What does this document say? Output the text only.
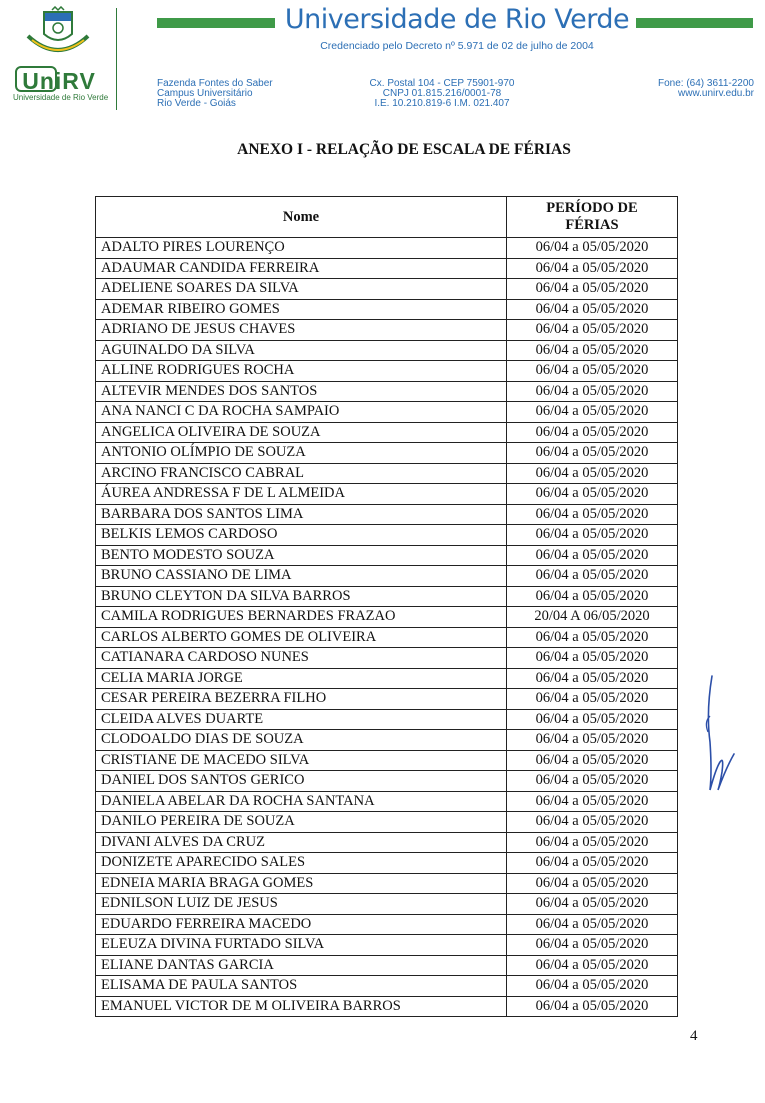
UniRV
Universidade de Rio Verde
Universidade de Rio Verde
Credenciado pelo Decreto nº 5.971 de 02 de julho de 2004
Fazenda Fontes do Saber
Campus Universitário
Rio Verde - Goiás
Cx. Postal 104 - CEP 75901-970
CNPJ 01.815.216/0001-78
I.E. 10.210.819-6 I.M. 021.407
Fone: (64) 3611-2200
www.unirv.edu.br
ANEXO I - RELAÇÃO DE ESCALA DE FÉRIAS
Nome	PERÍODO DE FÉRIAS
ADALTO PIRES LOURENÇO	06/04 a 05/05/2020
ADAUMAR CANDIDA FERREIRA	06/04 a 05/05/2020
ADELIENE SOARES DA SILVA	06/04 a 05/05/2020
ADEMAR RIBEIRO GOMES	06/04 a 05/05/2020
ADRIANO DE JESUS CHAVES	06/04 a 05/05/2020
AGUINALDO DA SILVA	06/04 a 05/05/2020
ALLINE RODRIGUES ROCHA	06/04 a 05/05/2020
ALTEVIR MENDES DOS SANTOS	06/04 a 05/05/2020
ANA NANCI C DA ROCHA SAMPAIO	06/04 a 05/05/2020
ANGELICA OLIVEIRA DE SOUZA	06/04 a 05/05/2020
ANTONIO OLÍMPIO DE SOUZA	06/04 a 05/05/2020
ARCINO FRANCISCO CABRAL	06/04 a 05/05/2020
ÁUREA ANDRESSA F DE L ALMEIDA	06/04 a 05/05/2020
BARBARA DOS SANTOS LIMA	06/04 a 05/05/2020
BELKIS LEMOS CARDOSO	06/04 a 05/05/2020
BENTO MODESTO SOUZA	06/04 a 05/05/2020
BRUNO CASSIANO DE LIMA	06/04 a 05/05/2020
BRUNO CLEYTON DA SILVA BARROS	06/04 a 05/05/2020
CAMILA RODRIGUES BERNARDES FRAZAO	20/04 A 06/05/2020
CARLOS ALBERTO GOMES DE OLIVEIRA	06/04 a 05/05/2020
CATIANARA CARDOSO NUNES	06/04 a 05/05/2020
CELIA MARIA JORGE	06/04 a 05/05/2020
CESAR PEREIRA BEZERRA FILHO	06/04 a 05/05/2020
CLEIDA ALVES DUARTE	06/04 a 05/05/2020
CLODOALDO DIAS DE SOUZA	06/04 a 05/05/2020
CRISTIANE DE MACEDO SILVA	06/04 a 05/05/2020
DANIEL DOS SANTOS GERICO	06/04 a 05/05/2020
DANIELA ABELAR DA ROCHA SANTANA	06/04 a 05/05/2020
DANILO PEREIRA DE SOUZA	06/04 a 05/05/2020
DIVANI ALVES DA CRUZ	06/04 a 05/05/2020
DONIZETE APARECIDO SALES	06/04 a 05/05/2020
EDNEIA MARIA BRAGA GOMES	06/04 a 05/05/2020
EDNILSON LUIZ DE JESUS	06/04 a 05/05/2020
EDUARDO FERREIRA MACEDO	06/04 a 05/05/2020
ELEUZA DIVINA FURTADO SILVA	06/04 a 05/05/2020
ELIANE DANTAS GARCIA	06/04 a 05/05/2020
ELISAMA DE PAULA SANTOS	06/04 a 05/05/2020
EMANUEL VICTOR DE M OLIVEIRA BARROS	06/04 a 05/05/2020
4
